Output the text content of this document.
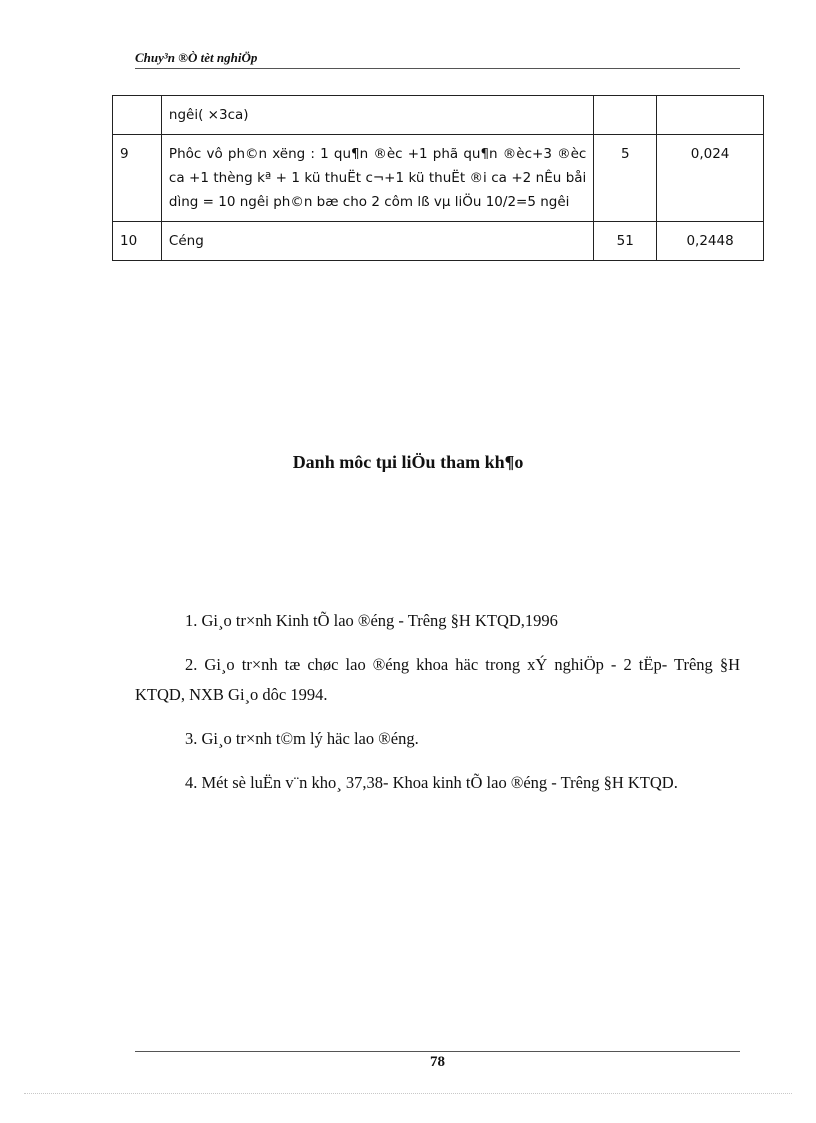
Chuy³n ®Ò tèt nghiÖp
	ngêi( ×3ca)		
9	Phôc vô ph©n xëng : 1 qu¶n ®èc +1 phã qu¶n ®èc+3 ®èc ca +1 thèng kª + 1 kü thuËt c¬+1 kü thuËt ®i ca +2 nÊu båi dìng = 10 ngêi ph©n bæ cho 2 côm lß vµ liÖu 10/2=5 ngêi	5	0,024
10	Céng	51	0,2448
Danh môc tµi liÖu tham kh¶o

1. Gi¸o tr×nh Kinh tÕ lao ®éng - Trêng §H KTQD,1996

2. Gi¸o tr×nh tæ chøc lao ®éng khoa häc trong xÝ nghiÖp - 2 tËp- Trêng §H KTQD, NXB Gi¸o dôc 1994.

3. Gi¸o tr×nh t©m lý häc lao ®éng.

4. Mét sè luËn v¨n kho¸ 37,38- Khoa kinh tÕ lao ®éng - Trêng §H KTQD.

78
